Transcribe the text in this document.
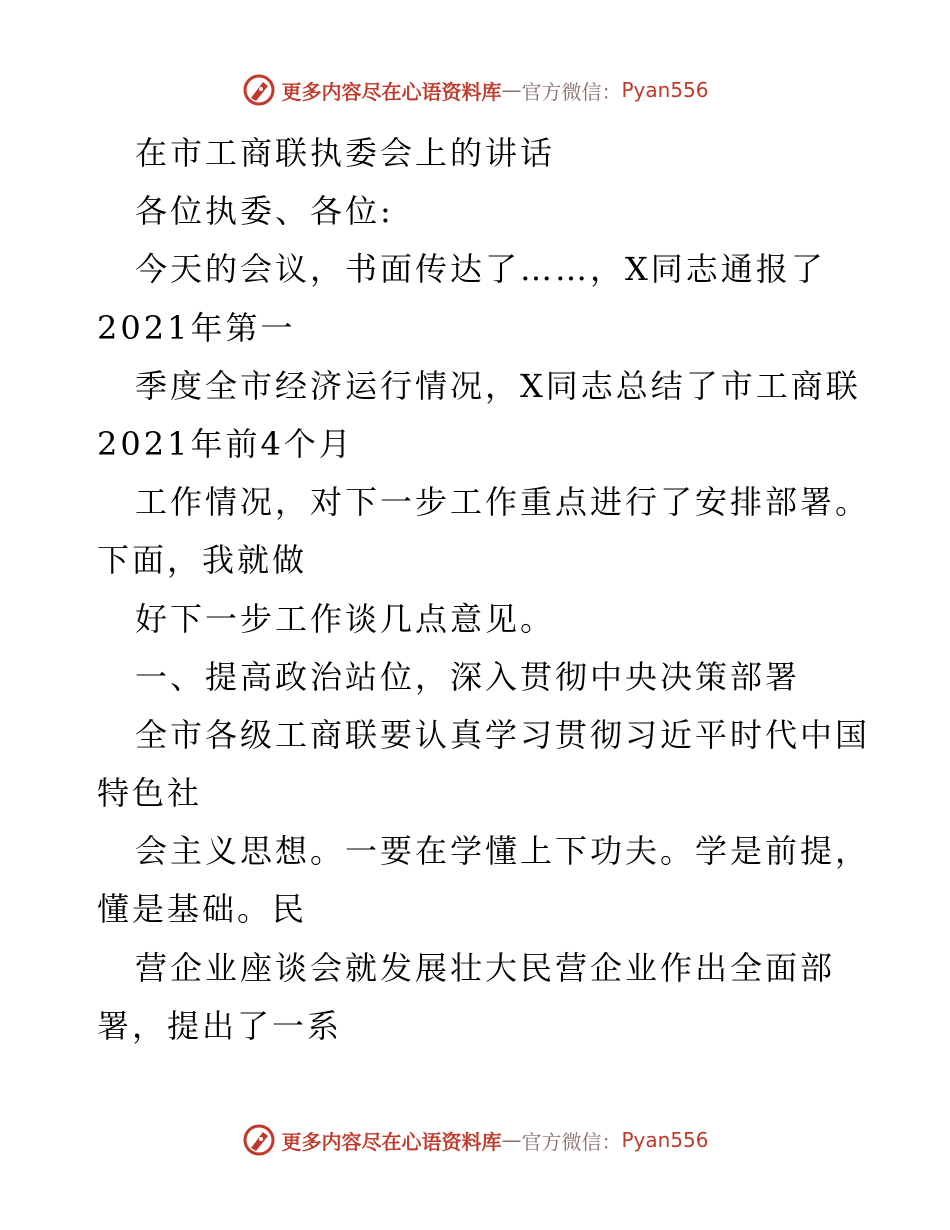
更多内容尽在心语资料库 — 官方微信： Pyan556
在市工商联执委会上的讲话
各位执委、各位:
今天的会议，书面传达了……，X同志通报了
2021年第一
季度全市经济运行情况，X同志总结了市工商联
2021年前4个月
工作情况，对下一步工作重点进行了安排部署。
下面，我就做
好下一步工作谈几点意见。
一、提高政治站位，深入贯彻中央决策部署
全市各级工商联要认真学习贯彻习近平时代中国
特色社
会主义思想。一要在学懂上下功夫。学是前提，
懂是基础。民
营企业座谈会就发展壮大民营企业作出全面部
署，提出了一系
更多内容尽在心语资料库 — 官方微信： Pyan556
